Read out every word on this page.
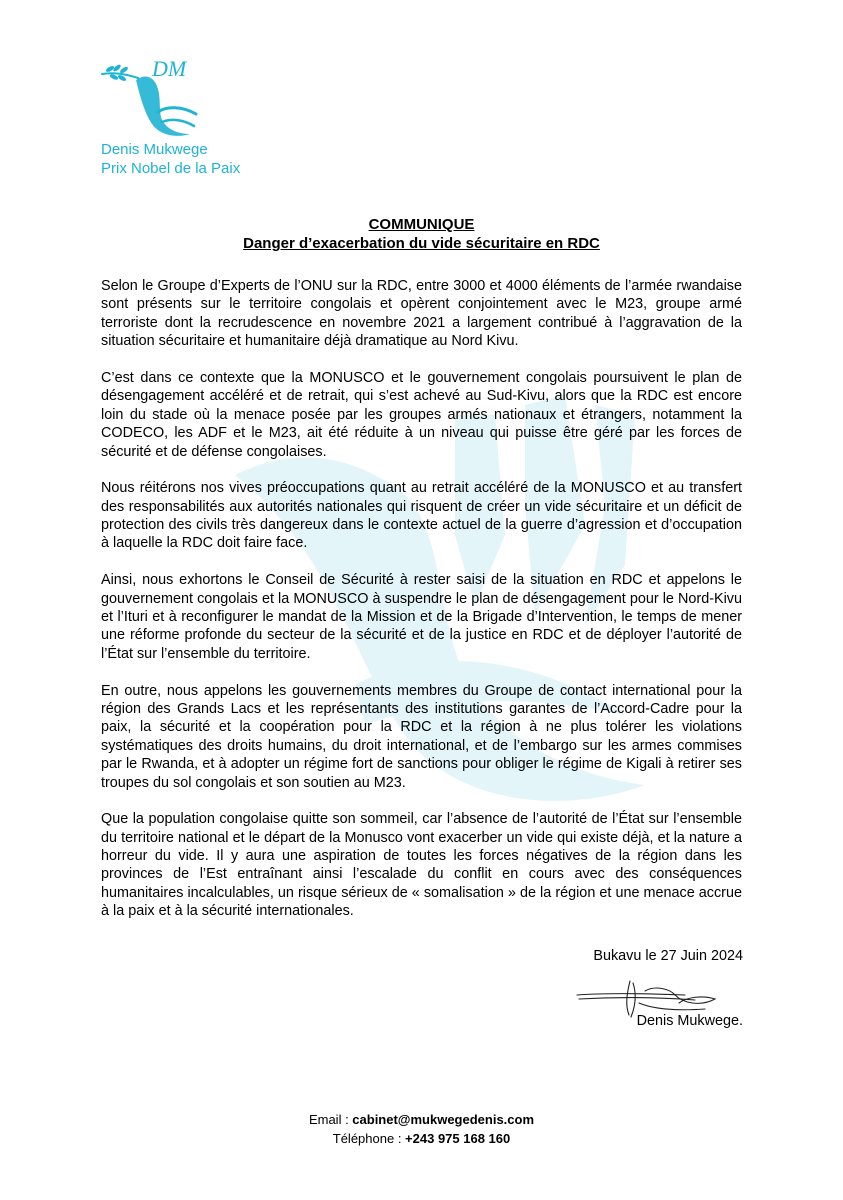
DM
Denis Mukwege
Prix Nobel de la Paix
COMMUNIQUE
Danger d’exacerbation du vide sécuritaire en RDC

Selon le Groupe d’Experts de l’ONU sur la RDC, entre 3000 et 4000 éléments de l’armée rwandaise sont présents sur le territoire congolais et opèrent conjointement avec le M23, groupe armé terroriste dont la recrudescence en novembre 2021 a largement contribué à l’aggravation de la situation sécuritaire et humanitaire déjà dramatique au Nord Kivu.

C’est dans ce contexte que la MONUSCO et le gouvernement congolais poursuivent le plan de désengagement accéléré et de retrait, qui s’est achevé au Sud-Kivu, alors que la RDC est encore loin du stade où la menace posée par les groupes armés nationaux et étrangers, notamment la CODECO, les ADF et le M23, ait été réduite à un niveau qui puisse être géré par les forces de sécurité et de défense congolaises.

Nous réitérons nos vives préoccupations quant au retrait accéléré de la MONUSCO et au transfert des responsabilités aux autorités nationales qui risquent de créer un vide sécuritaire et un déficit de protection des civils très dangereux dans le contexte actuel de la guerre d’agression et d’occupation à laquelle la RDC doit faire face.

Ainsi, nous exhortons le Conseil de Sécurité à rester saisi de la situation en RDC et appelons le gouvernement congolais et la MONUSCO à suspendre le plan de désengagement pour le Nord-Kivu et l’Ituri et à reconfigurer le mandat de la Mission et de la Brigade d’Intervention, le temps de mener une réforme profonde du secteur de la sécurité et de la justice en RDC et de déployer l’autorité de l’État sur l’ensemble du territoire.

En outre, nous appelons les gouvernements membres du Groupe de contact international pour la région des Grands Lacs et les représentants des institutions garantes de l’Accord-Cadre pour la paix, la sécurité et la coopération pour la RDC et la région à ne plus tolérer les violations systématiques des droits humains, du droit international, et de l’embargo sur les armes commises par le Rwanda, et à adopter un régime fort de sanctions pour obliger le régime de Kigali à retirer ses troupes du sol congolais et son soutien au M23.

Que la population congolaise quitte son sommeil, car l’absence de l’autorité de l’État sur l’ensemble du territoire national et le départ de la Monusco vont exacerber un vide qui existe déjà, et la nature a horreur du vide. Il y aura une aspiration de toutes les forces négatives de la région dans les provinces de l’Est entraînant ainsi l’escalade du conflit en cours avec des conséquences humanitaires incalculables, un risque sérieux de « somalisation » de la région et une menace accrue à la paix et à la sécurité internationales.

Bukavu le 27 Juin 2024
Denis Mukwege.
Email : cabinet@mukwegedenis.com
Téléphone : +243 975 168 160
